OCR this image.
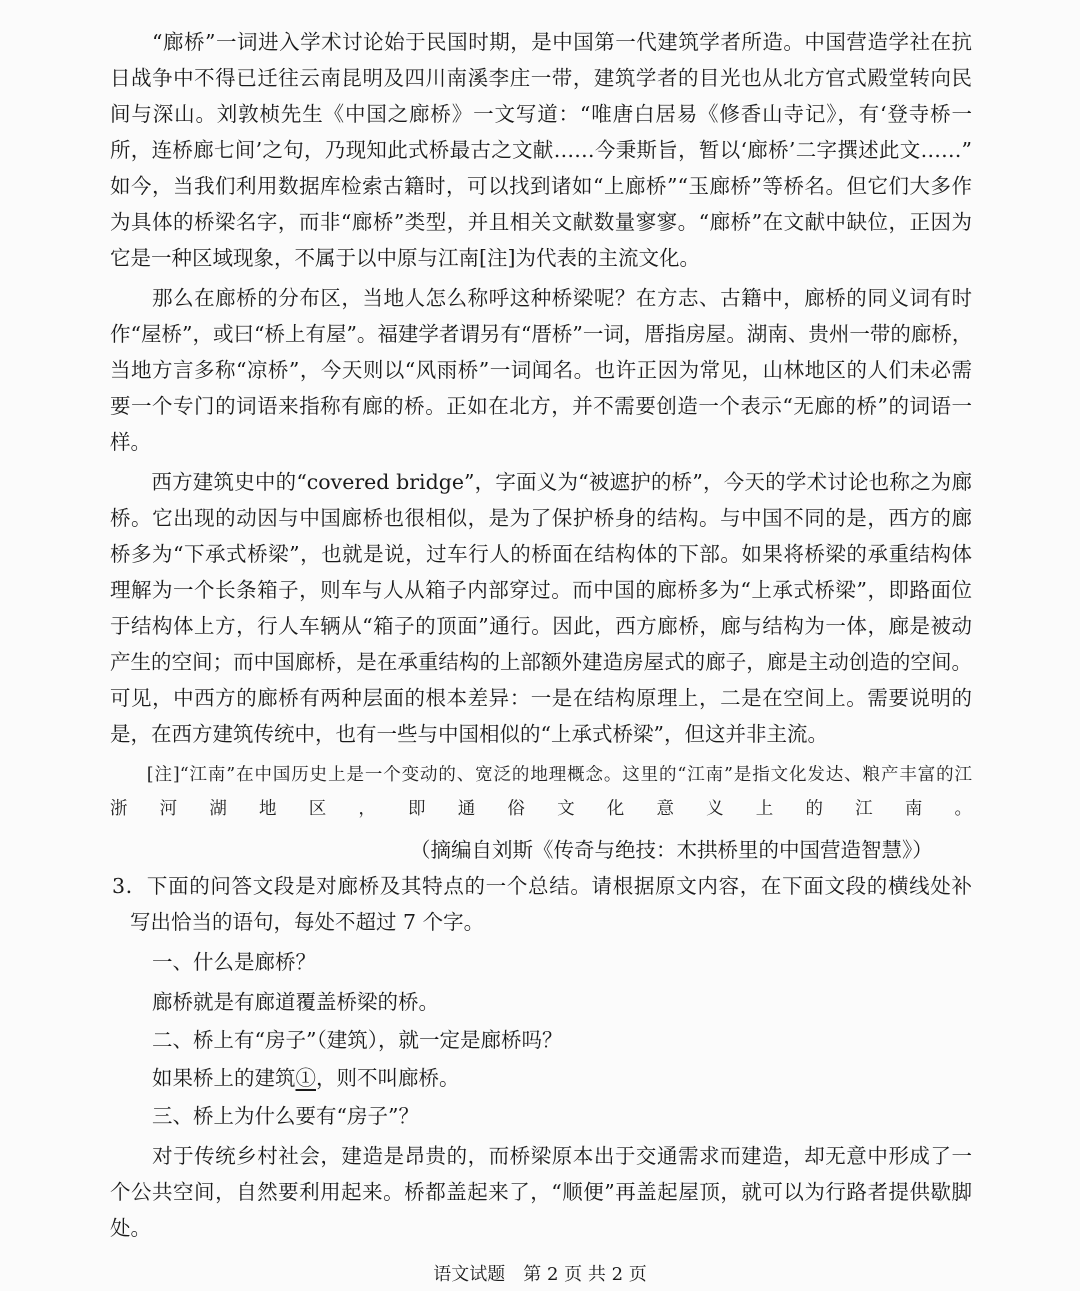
　　“廊桥”一词进入学术讨论始于民国时期，是中国第一代建筑学者所造。中国营造学社在抗
日战争中不得已迁往云南昆明及四川南溪李庄一带，建筑学者的目光也从北方官式殿堂转向民
间与深山。刘敦桢先生《中国之廊桥》一文写道：“唯唐白居易《修香山寺记》，有‘登寺桥一
所，连桥廊七间’之句，乃现知此式桥最古之文献……今秉斯旨，暂以‘廊桥’二字撰述此文……”
如今，当我们利用数据库检索古籍时，可以找到诸如“上廊桥”“玉廊桥”等桥名。但它们大多作
为具体的桥梁名字，而非“廊桥”类型，并且相关文献数量寥寥。“廊桥”在文献中缺位，正因为
它是一种区域现象，不属于以中原与江南[注]为代表的主流文化。
　　那么在廊桥的分布区，当地人怎么称呼这种桥梁呢？在方志、古籍中，廊桥的同义词有时
作“屋桥”，或曰“桥上有屋”。福建学者谓另有“厝桥”一词，厝指房屋。湖南、贵州一带的廊桥，
当地方言多称“凉桥”，今天则以“风雨桥”一词闻名。也许正因为常见，山林地区的人们未必需
要一个专门的词语来指称有廊的桥。正如在北方，并不需要创造一个表示“无廊的桥”的词语一
样。
　　西方建筑史中的“covered bridge”，字面义为“被遮护的桥”，今天的学术讨论也称之为廊
桥。它出现的动因与中国廊桥也很相似，是为了保护桥身的结构。与中国不同的是，西方的廊
桥多为“下承式桥梁”，也就是说，过车行人的桥面在结构体的下部。如果将桥梁的承重结构体
理解为一个长条箱子，则车与人从箱子内部穿过。而中国的廊桥多为“上承式桥梁”，即路面位
于结构体上方，行人车辆从“箱子的顶面”通行。因此，西方廊桥，廊与结构为一体，廊是被动
产生的空间；而中国廊桥，是在承重结构的上部额外建造房屋式的廊子，廊是主动创造的空间。
可见，中西方的廊桥有两种层面的根本差异：一是在结构原理上，二是在空间上。需要说明的
是，在西方建筑传统中，也有一些与中国相似的“上承式桥梁”，但这并非主流。
　　[注]“江南”在中国历史上是一个变动的、宽泛的地理概念。这里的“江南”是指文化发达、粮产丰富的江
浙河湖地区，即通俗文化意义上的江南。
（摘编自刘斯《传奇与绝技：木拱桥里的中国营造智慧》）
3．下面的问答文段是对廊桥及其特点的一个总结。请根据原文内容，在下面文段的横线处补
写出恰当的语句，每处不超过 7 个字。
一、什么是廊桥？
廊桥就是有廊道覆盖桥梁的桥。
二、桥上有“房子”（建筑），就一定是廊桥吗？
如果桥上的建筑①，则不叫廊桥。
三、桥上为什么要有“房子”？
　　对于传统乡村社会，建造是昂贵的，而桥梁原本出于交通需求而建造，却无意中形成了一
个公共空间，自然要利用起来。桥都盖起来了，“顺便”再盖起屋顶，就可以为行路者提供歇脚
处。
语文试题　第 2 页 共 2 页
